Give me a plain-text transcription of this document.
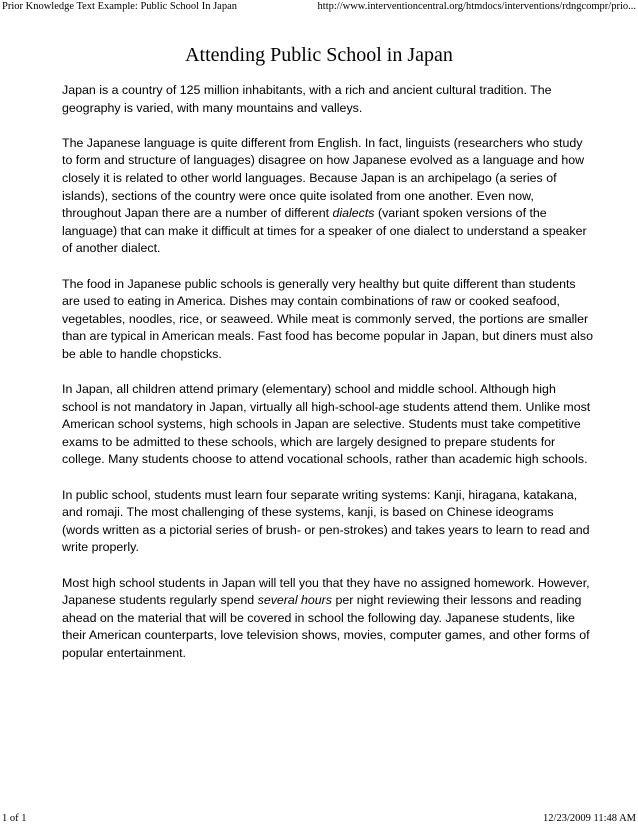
Prior Knowledge Text Example: Public School In Japan	http://www.interventioncentral.org/htmdocs/interventions/rdngcompr/prio...
Attending Public School in Japan

Japan is a country of 125 million inhabitants, with a rich and ancient cultural tradition. The geography is varied, with many mountains and valleys.

The Japanese language is quite different from English. In fact, linguists (researchers who study to form and structure of languages) disagree on how Japanese evolved as a language and how closely it is related to other world languages. Because Japan is an archipelago (a series of islands), sections of the country were once quite isolated from one another. Even now, throughout Japan there are a number of different dialects (variant spoken versions of the language) that can make it difficult at times for a speaker of one dialect to understand a speaker of another dialect.

The food in Japanese public schools is generally very healthy but quite different than students are used to eating in America. Dishes may contain combinations of raw or cooked seafood, vegetables, noodles, rice, or seaweed. While meat is commonly served, the portions are smaller than are typical in American meals. Fast food has become popular in Japan, but diners must also be able to handle chopsticks.

In Japan, all children attend primary (elementary) school and middle school. Although high school is not mandatory in Japan, virtually all high-school-age students attend them. Unlike most American school systems, high schools in Japan are selective. Students must take competitive exams to be admitted to these schools, which are largely designed to prepare students for college. Many students choose to attend vocational schools, rather than academic high schools.

In public school, students must learn four separate writing systems: Kanji, hiragana, katakana, and romaji. The most challenging of these systems, kanji, is based on Chinese ideograms (words written as a pictorial series of brush- or pen-strokes) and takes years to learn to read and write properly.

Most high school students in Japan will tell you that they have no assigned homework. However, Japanese students regularly spend several hours per night reviewing their lessons and reading ahead on the material that will be covered in school the following day. Japanese students, like their American counterparts, love television shows, movies, computer games, and other forms of popular entertainment.

1 of 1	12/23/2009 11:48 AM
